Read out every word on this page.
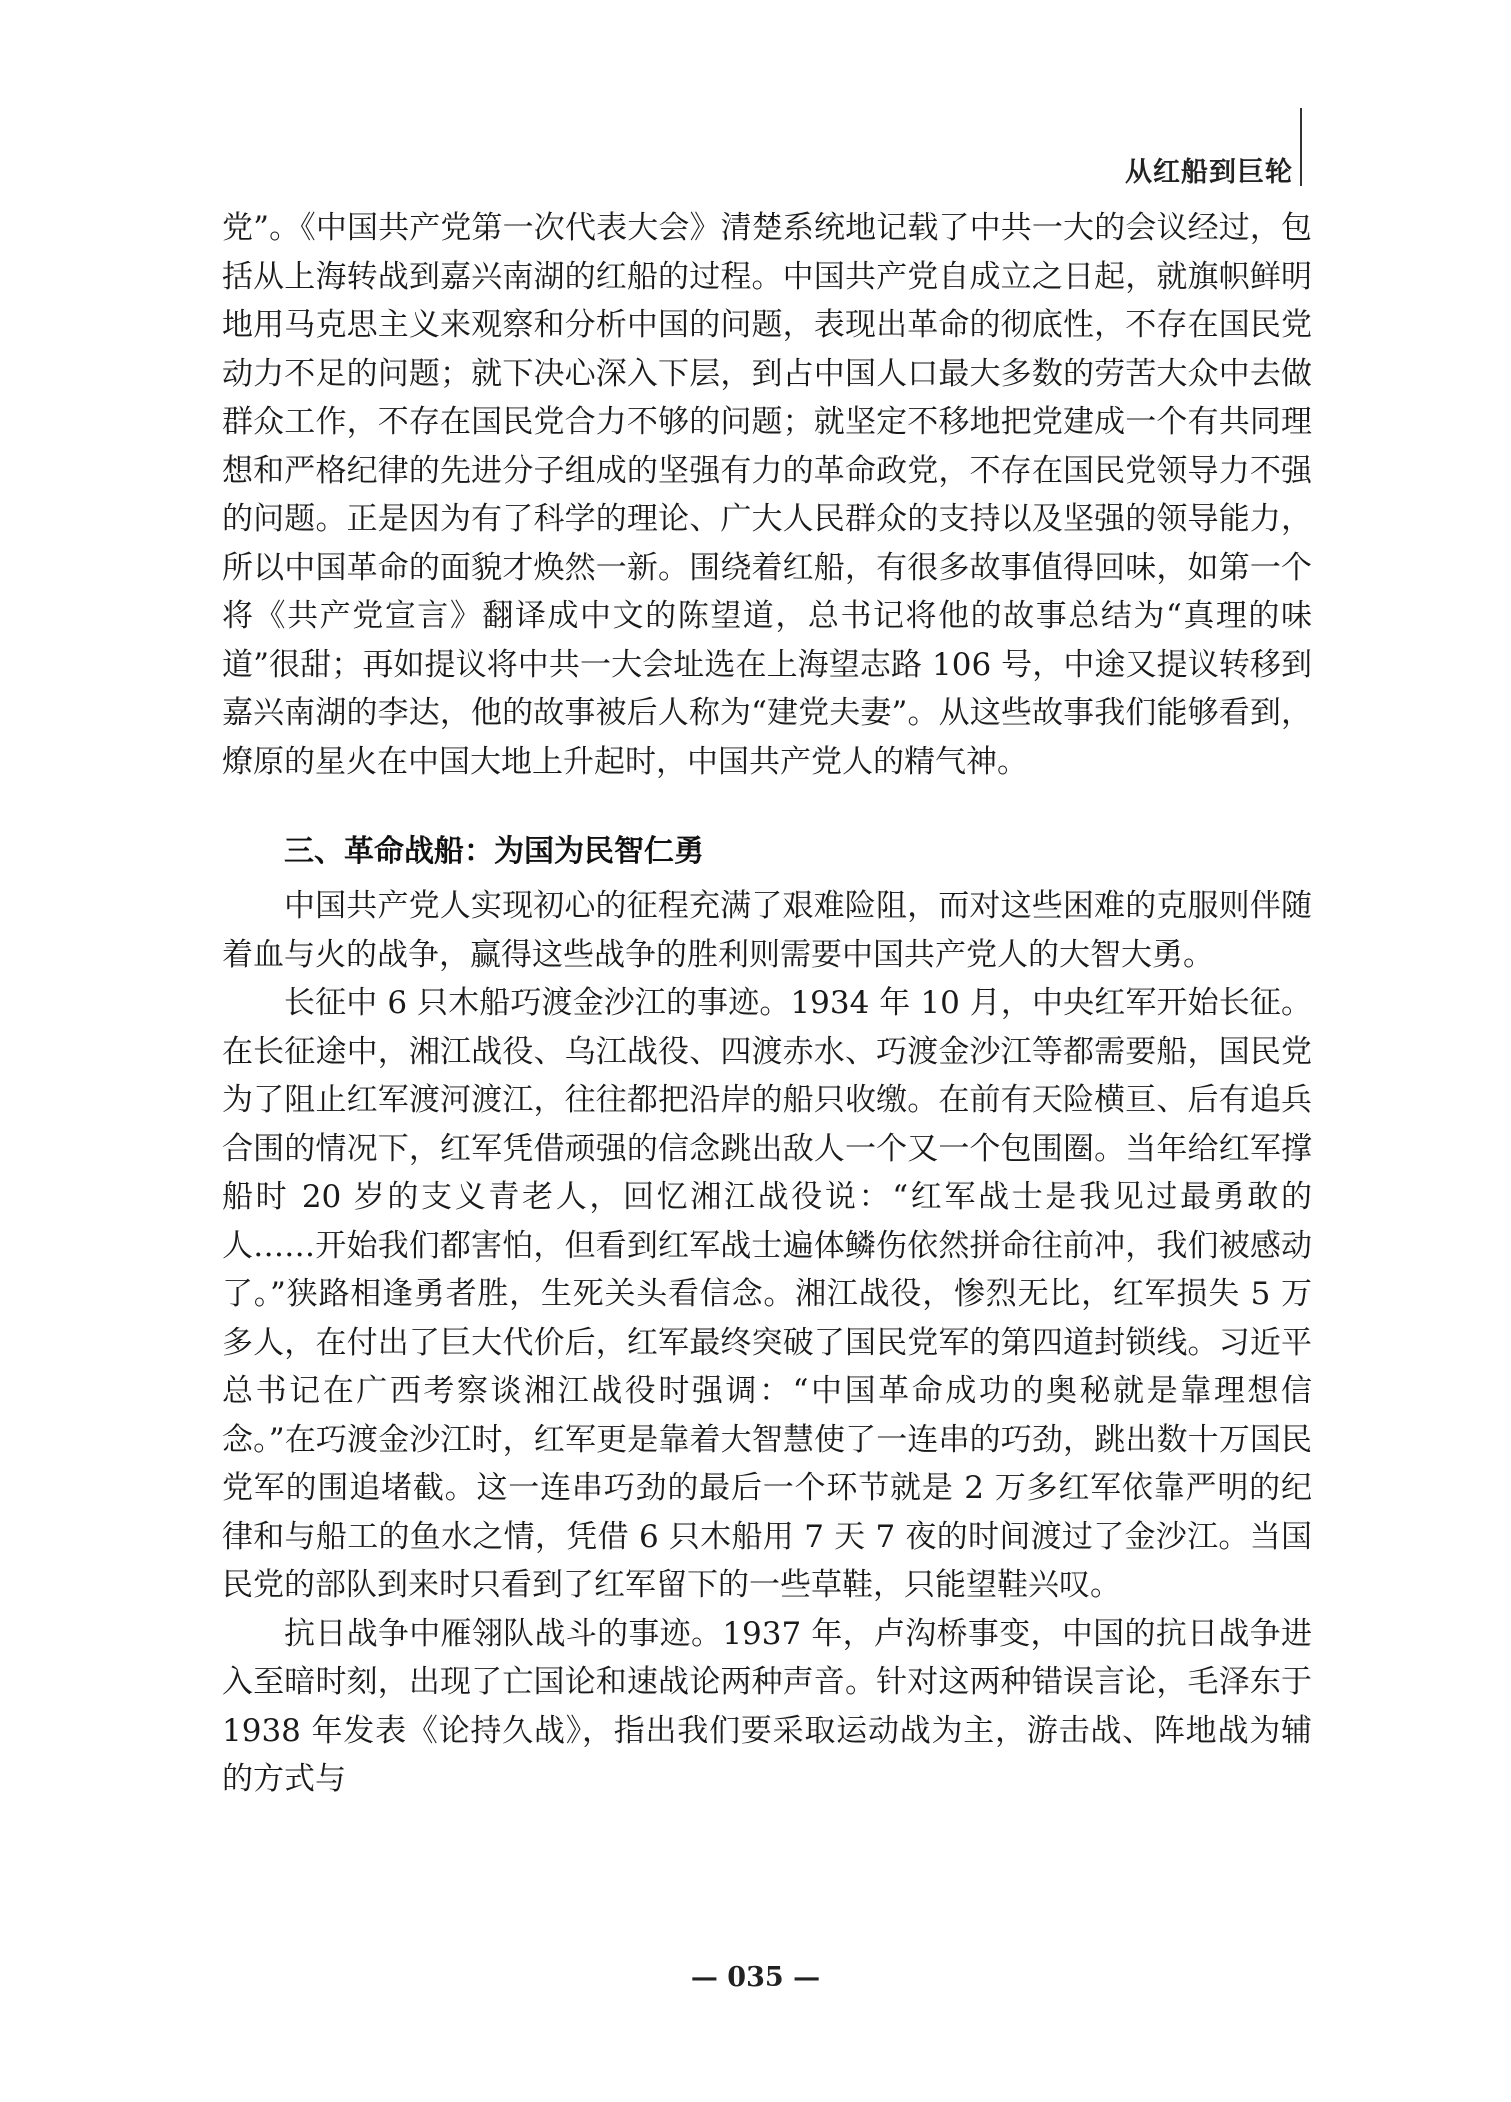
从红船到巨轮

党”。《中国共产党第一次代表大会》清楚系统地记载了中共一大的会议经过，包括从上海转战到嘉兴南湖的红船的过程。中国共产党自成立之日起，就旗帜鲜明地用马克思主义来观察和分析中国的问题，表现出革命的彻底性，不存在国民党动力不足的问题；就下决心深入下层，到占中国人口最大多数的劳苦大众中去做群众工作，不存在国民党合力不够的问题；就坚定不移地把党建成一个有共同理想和严格纪律的先进分子组成的坚强有力的革命政党，不存在国民党领导力不强的问题。正是因为有了科学的理论、广大人民群众的支持以及坚强的领导能力，所以中国革命的面貌才焕然一新。围绕着红船，有很多故事值得回味，如第一个将《共产党宣言》翻译成中文的陈望道，总书记将他的故事总结为“真理的味道”很甜；再如提议将中共一大会址选在上海望志路 106 号，中途又提议转移到嘉兴南湖的李达，他的故事被后人称为“建党夫妻”。从这些故事我们能够看到，燎原的星火在中国大地上升起时，中国共产党人的精气神。

三、革命战船：为国为民智仁勇

中国共产党人实现初心的征程充满了艰难险阻，而对这些困难的克服则伴随着血与火的战争，赢得这些战争的胜利则需要中国共产党人的大智大勇。

长征中 6 只木船巧渡金沙江的事迹。1934 年 10 月，中央红军开始长征。在长征途中，湘江战役、乌江战役、四渡赤水、巧渡金沙江等都需要船，国民党为了阻止红军渡河渡江，往往都把沿岸的船只收缴。在前有天险横亘、后有追兵合围的情况下，红军凭借顽强的信念跳出敌人一个又一个包围圈。当年给红军撑船时 20 岁的支义青老人，回忆湘江战役说：“红军战士是我见过最勇敢的人……开始我们都害怕，但看到红军战士遍体鳞伤依然拼命往前冲，我们被感动了。”狭路相逢勇者胜，生死关头看信念。湘江战役，惨烈无比，红军损失 5 万多人，在付出了巨大代价后，红军最终突破了国民党军的第四道封锁线。习近平总书记在广西考察谈湘江战役时强调：“中国革命成功的奥秘就是靠理想信念。”在巧渡金沙江时，红军更是靠着大智慧使了一连串的巧劲，跳出数十万国民党军的围追堵截。这一连串巧劲的最后一个环节就是 2 万多红军依靠严明的纪律和与船工的鱼水之情，凭借 6 只木船用 7 天 7 夜的时间渡过了金沙江。当国民党的部队到来时只看到了红军留下的一些草鞋，只能望鞋兴叹。

抗日战争中雁翎队战斗的事迹。1937 年，卢沟桥事变，中国的抗日战争进入至暗时刻，出现了亡国论和速战论两种声音。针对这两种错误言论，毛泽东于 1938 年发表《论持久战》，指出我们要采取运动战为主，游击战、阵地战为辅的方式与

— 035 —
